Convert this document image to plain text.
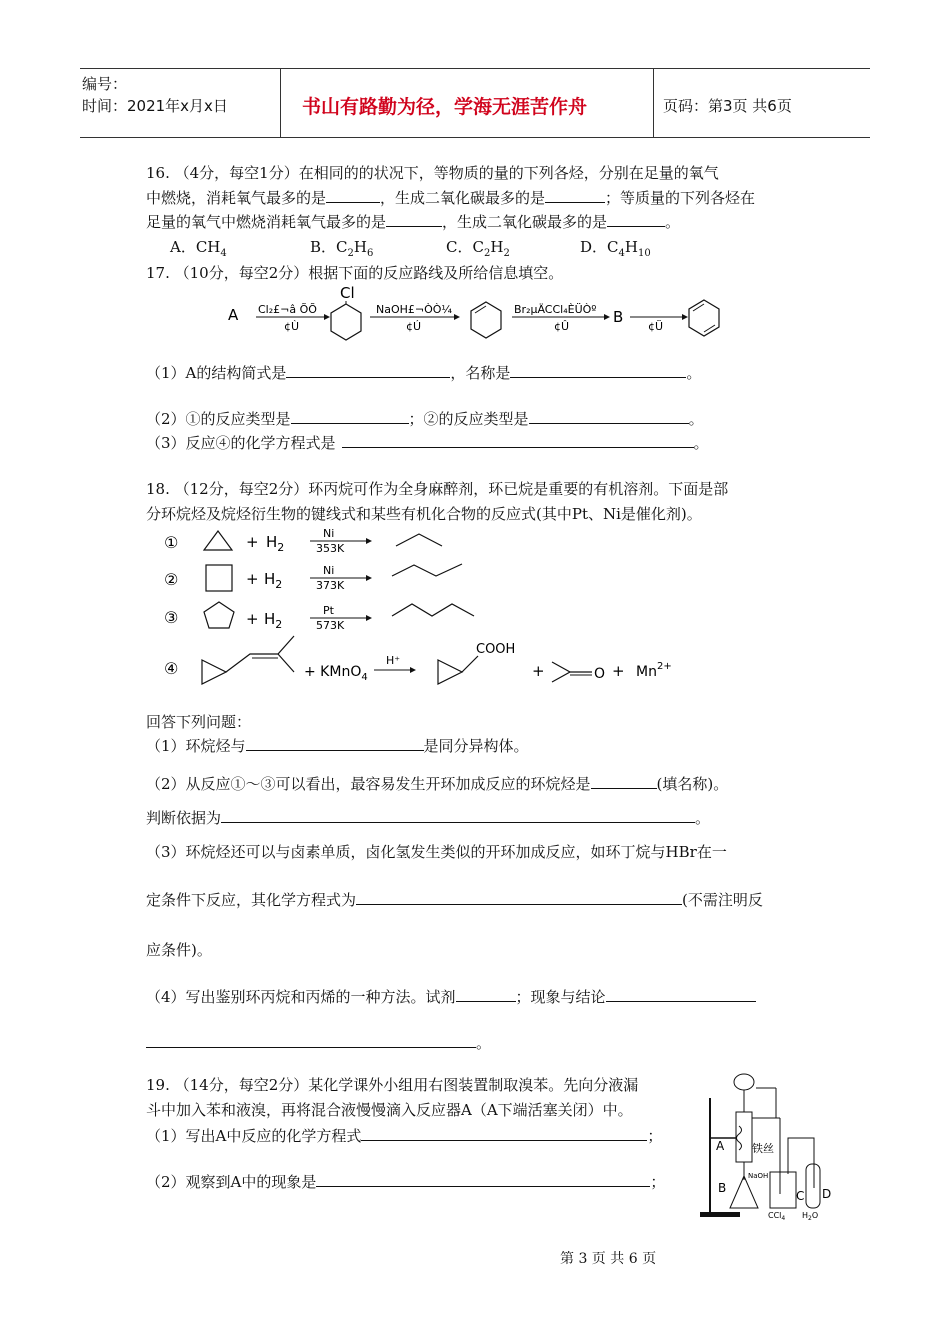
编号：
时间：2021年x月x日	书山有路勤为径，学海无涯苦作舟	页码：第3页 共6页
16. （4分，每空1分）在相同的的状况下，等物质的量的下列各烃，分别在足量的氧气
中燃烧，消耗氧气最多的是	，生成二氧化碳最多的是	；等质量的下列各烃在
足量的氧气中燃烧消耗氧气最多的是	，生成二氧化碳最多的是	。
A．$CH_4$	B．$C_2H_6$	C．$C_2H_2$	D．$C_4H_{10}$
17. （10分，每空2分）根据下面的反应路线及所给信息填空。
A Cl₂£¬â ÕÕ
¢Ù
Cl
NaOH£¬ÒÒ¼
¢Ú
Br₂µÄCCl₄ÈÜÒº
¢Û
B
¢Ü
（1）A的结构简式是	，名称是	。
（2）①的反应类型是	；②的反应类型是	。
（3）反应④的化学方程式是	。
18. （12分，每空2分）环丙烷可作为全身麻醉剂，环已烷是重要的有机溶剂。下面是部
分环烷烃及烷烃衍生物的键线式和某些有机化合物的反应式(其中Pt、Ni是催化剂)。
①	+ $H_2$
Ni
353K
②	+ $H_2$
Ni
373K
③	+ $H_2$
Pt
573K
④	+ KMnO$_4$
H⁺
COOH
+	$O + Mn^{2+}$
回答下列问题：
（1）环烷烃与	是同分异构体。
（2）从反应①～③可以看出，最容易发生开环加成反应的环烷烃是	(填名称)。
判断依据为	。
（3）环烷烃还可以与卤素单质，卤化氢发生类似的开环加成反应，如环丁烷与HBr在一
定条件下反应，其化学方程式为	(不需注明反
应条件)。
（4）写出鉴别环丙烷和丙烯的一种方法。试剂	；现象与结论
。
19. （14分，每空2分）某化学课外小组用右图装置制取溴苯。先向分液漏
斗中加入苯和液溴，再将混合液慢慢滴入反应器A（A下端活塞关闭）中。
（1）写出A中反应的化学方程式	；
（2）观察到A中的现象是	；
A	铁丝
B
NaOH
C D
CCl$_4$ $H_2O$
第 3 页 共 6 页
